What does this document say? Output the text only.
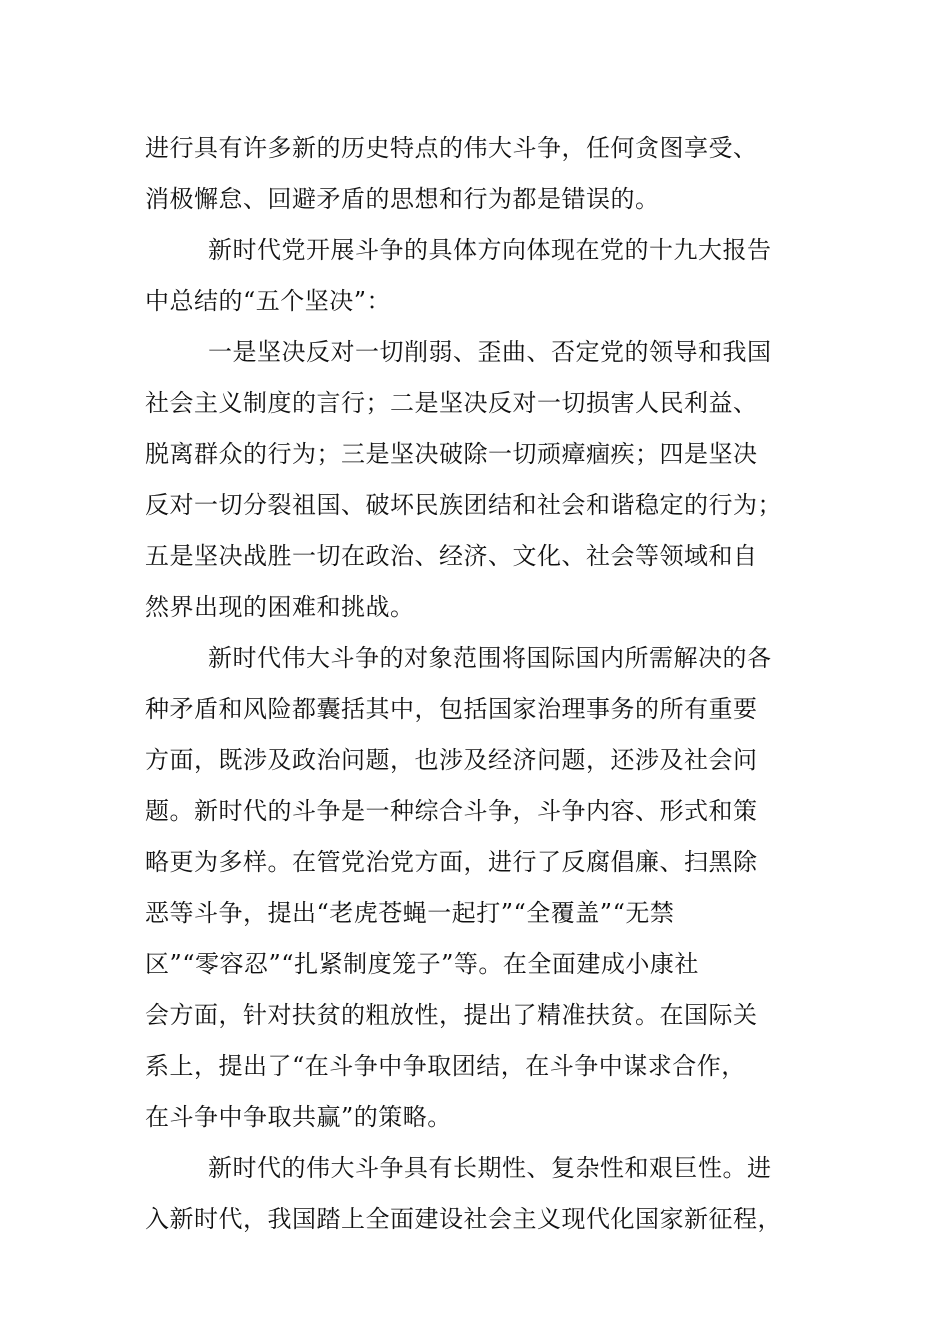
进行具有许多新的历史特点的伟大斗争，任何贪图享受、
消极懈怠、回避矛盾的思想和行为都是错误的。
新时代党开展斗争的具体方向体现在党的十九大报告
中总结的“五个坚决”：
一是坚决反对一切削弱、歪曲、否定党的领导和我国
社会主义制度的言行；二是坚决反对一切损害人民利益、
脱离群众的行为；三是坚决破除一切顽瘴痼疾；四是坚决
反对一切分裂祖国、破坏民族团结和社会和谐稳定的行为；
五是坚决战胜一切在政治、经济、文化、社会等领域和自
然界出现的困难和挑战。
新时代伟大斗争的对象范围将国际国内所需解决的各
种矛盾和风险都囊括其中，包括国家治理事务的所有重要
方面，既涉及政治问题，也涉及经济问题，还涉及社会问
题。新时代的斗争是一种综合斗争，斗争内容、形式和策
略更为多样。在管党治党方面，进行了反腐倡廉、扫黑除
恶等斗争，提出“老虎苍蝇一起打”“全覆盖”“无禁
区”“零容忍”“扎紧制度笼子”等。在全面建成小康社
会方面，针对扶贫的粗放性，提出了精准扶贫。在国际关
系上，提出了“在斗争中争取团结，在斗争中谋求合作，
在斗争中争取共赢”的策略。
新时代的伟大斗争具有长期性、复杂性和艰巨性。进
入新时代，我国踏上全面建设社会主义现代化国家新征程，
